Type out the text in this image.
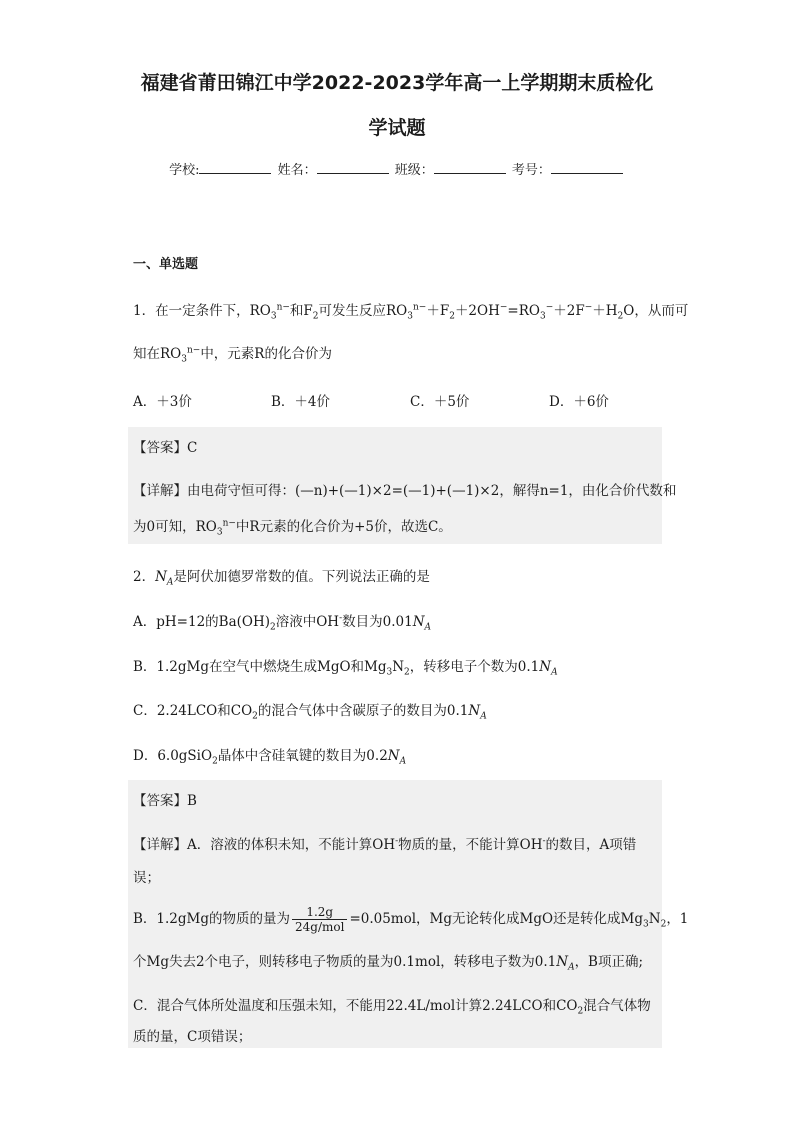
福建省莆田锦江中学2022-2023学年高一上学期期末质检化
学试题
学校:	姓名：	班级：	考号：
一、单选题
1．在一定条件下，$RO_3^{n-}$和$F_2$可发生反应$RO_3^{n-}+F_2+2OH^-=RO_3^-+2F^-+H_2O$，从而可
知在$RO_3^{n-}$中，元素R的化合价为
A．＋3价	B．＋4价	C．＋5价	D．＋6价
【答案】C
【详解】由电荷守恒可得：(—n)+(—1)×2=(—1)+(—1)×2，解得n=1，由化合价代数和
为0可知，$RO_3^{n-}$中R元素的化合价为+5价，故选C。
2．$N_A$是阿伏加德罗常数的值。下列说法正确的是
A．pH=12的$Ba(OH)_2$溶液中OH-数目为$0.01N_A$
B．1.2gMg在空气中燃烧生成MgO和$Mg_3N_2$，转移电子个数为$0.1N_A$
C．2.24LCO和$CO_2$的混合气体中含碳原子的数目为$0.1N_A$
D．6.0gSiO$_2$晶体中含硅氧键的数目为$0.2N_A$
【答案】B
【详解】A．溶液的体积未知，不能计算OH-物质的量，不能计算OH-的数目，A项错
误；
B．1.2gMg的物质的量为 $\frac{1.2g}{\text{24g/mol}} =0.05mol$，Mg无论转化成MgO还是转化成$Mg_3N_2$，1
个Mg失去2个电子，则转移电子物质的量为0.1mol，转移电子数为$0.1N_A$，B项正确;
C．混合气体所处温度和压强未知，不能用22.4L/mol计算2.24LCO和$CO_2$混合气体物
质的量，C项错误；
